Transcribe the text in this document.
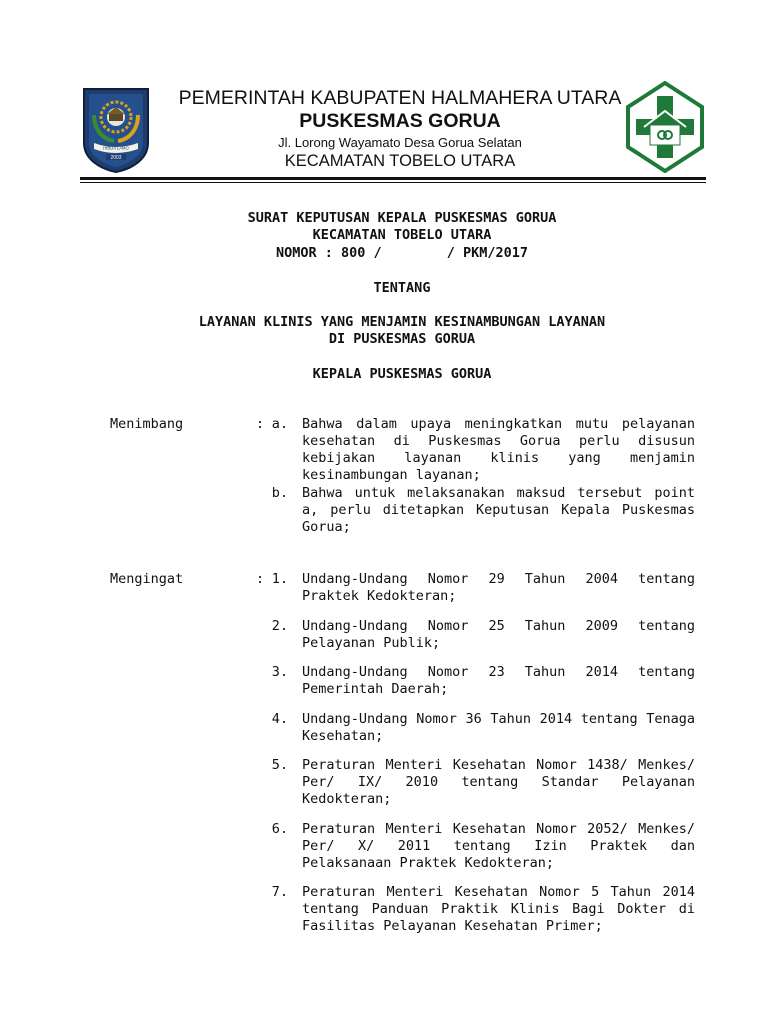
HIBUA LAMO
2003
PEMERINTAH KABUPATEN HALMAHERA UTARA
PUSKESMAS GORUA
Jl. Lorong Wayamato Desa Gorua Selatan
KECAMATAN TOBELO UTARA
SURAT KEPUTUSAN KEPALA PUSKESMAS GORUA
KECAMATAN TOBELO UTARA
NOMOR : 800 /        / PKM/2017
TENTANG
LAYANAN KLINIS YANG MENJAMIN KESINAMBUNGAN LAYANAN
DI PUSKESMAS GORUA
KEPALA PUSKESMAS GORUA
Menimbang	: a. Bahwa dalam upaya meningkatkan mutu pelayanan kesehatan di Puskesmas Gorua perlu disusun kebijakan layanan klinis yang menjamin kesinambungan layanan;
b. Bahwa untuk melaksanakan maksud tersebut point a, perlu ditetapkan Keputusan Kepala Puskesmas Gorua;
Mengingat	: 1. Undang-Undang Nomor 29 Tahun 2004 tentang Praktek Kedokteran;
2. Undang-Undang Nomor 25 Tahun 2009 tentang Pelayanan Publik;
3. Undang-Undang Nomor 23 Tahun 2014 tentang Pemerintah Daerah;
4. Undang-Undang Nomor 36 Tahun 2014 tentang Tenaga Kesehatan;
5. Peraturan Menteri Kesehatan Nomor 1438/ Menkes/ Per/ IX/ 2010 tentang Standar Pelayanan Kedokteran;
6. Peraturan Menteri Kesehatan Nomor 2052/ Menkes/ Per/ X/ 2011 tentang Izin Praktek dan Pelaksanaan Praktek Kedokteran;
7. Peraturan Menteri Kesehatan Nomor 5 Tahun 2014 tentang Panduan Praktik Klinis Bagi Dokter di Fasilitas Pelayanan Kesehatan Primer;
